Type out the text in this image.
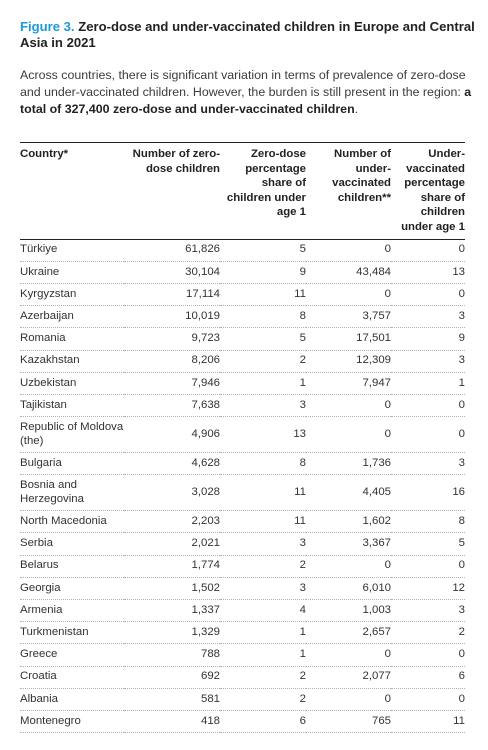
Figure 3. Zero-dose and under-vaccinated children in Europe and Central Asia in 2021

Across countries, there is significant variation in terms of prevalence of zero-dose and under-vaccinated children. However, the burden is still present in the region: a total of 327,400 zero-dose and under-vaccinated children.

Country*	Number of zero-dose children	Zero-dose percentage share of children under age 1	Number of under-vaccinated children**	Under-vaccinated percentage share of children under age 1
Türkiye	61,826	5	0	0
Ukraine	30,104	9	43,484	13
Kyrgyzstan	17,114	11	0	0
Azerbaijan	10,019	8	3,757	3
Romania	9,723	5	17,501	9
Kazakhstan	8,206	2	12,309	3
Uzbekistan	7,946	1	7,947	1
Tajikistan	7,638	3	0	0
Republic of Moldova (the)	4,906	13	0	0
Bulgaria	4,628	8	1,736	3
Bosnia and Herzegovina	3,028	11	4,405	16
North Macedonia	2,203	11	1,602	8
Serbia	2,021	3	3,367	5
Belarus	1,774	2	0	0
Georgia	1,502	3	6,010	12
Armenia	1,337	4	1,003	3
Turkmenistan	1,329	1	2,657	2
Greece	788	1	0	0
Croatia	692	2	2,077	6
Albania	581	2	0	0
Montenegro	418	6	765	11
